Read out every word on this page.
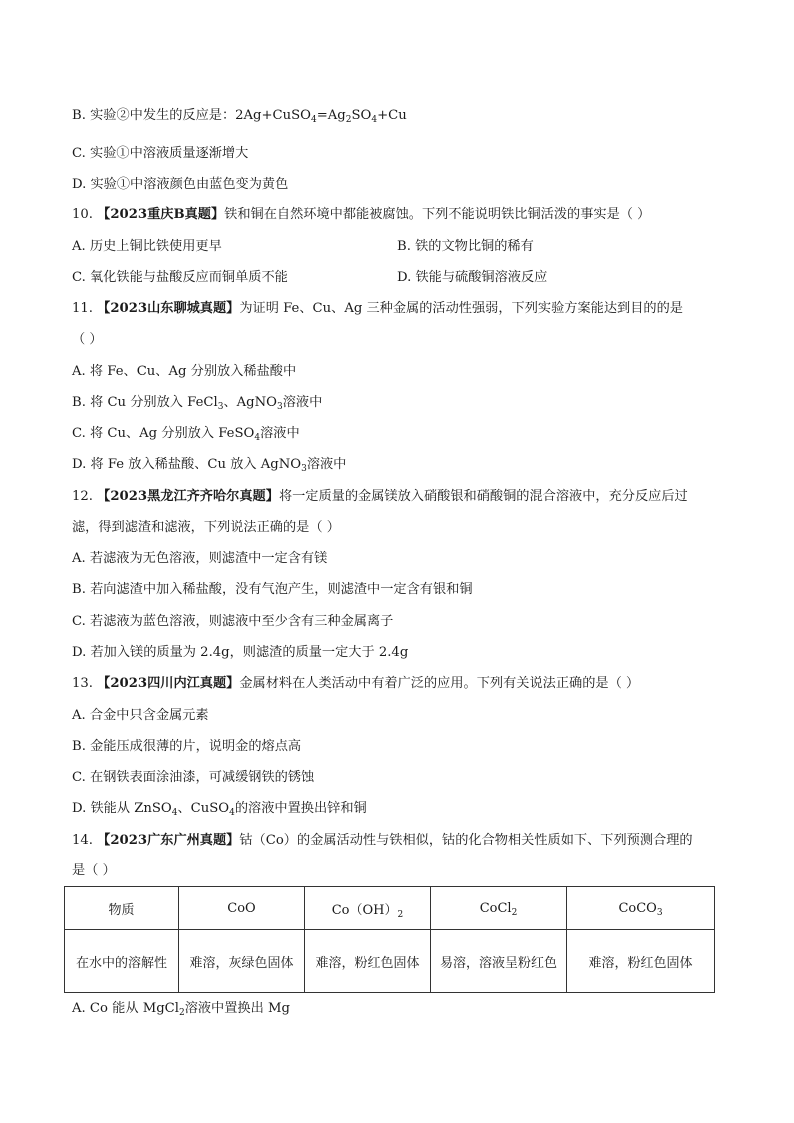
B. 实验②中发生的反应是：$2Ag+CuSO_4=Ag_2SO_4+Cu$
C. 实验①中溶液质量逐渐增大
D. 实验①中溶液颜色由蓝色变为黄色
10. 【2023重庆B真题】铁和铜在自然环境中都能被腐蚀。下列不能说明铁比铜活泼的事实是（ ）
A. 历史上铜比铁使用更早	B. 铁的文物比铜的稀有
C. 氧化铁能与盐酸反应而铜单质不能	D. 铁能与硫酸铜溶液反应
11. 【2023山东聊城真题】为证明 Fe、Cu、Ag 三种金属的活动性强弱，下列实验方案能达到目的的是
（ ）
A. 将 Fe、Cu、Ag 分别放入稀盐酸中
B. 将 Cu 分别放入 FeCl$_3$、AgNO$_3$溶液中
C. 将 Cu、Ag 分别放入 FeSO$_4$溶液中
D. 将 Fe 放入稀盐酸、Cu 放入 AgNO$_3$溶液中
12. 【2023黑龙江齐齐哈尔真题】将一定质量的金属镁放入硝酸银和硝酸铜的混合溶液中，充分反应后过
滤，得到滤渣和滤液，下列说法正确的是（ ）
A. 若滤液为无色溶液，则滤渣中一定含有镁
B. 若向滤渣中加入稀盐酸，没有气泡产生，则滤渣中一定含有银和铜
C. 若滤液为蓝色溶液，则滤液中至少含有三种金属离子
D. 若加入镁的质量为 2.4g，则滤渣的质量一定大于 2.4g
13. 【2023四川内江真题】金属材料在人类活动中有着广泛的应用。下列有关说法正确的是（ ）
A. 合金中只含金属元素
B. 金能压成很薄的片，说明金的熔点高
C. 在钢铁表面涂油漆，可减缓钢铁的锈蚀
D. 铁能从 ZnSO$_4$、CuSO$_4$的溶液中置换出锌和铜
14. 【2023广东广州真题】钴（Co）的金属活动性与铁相似，钴的化合物相关性质如下、下列预测合理的
是（ ）
物质	CoO	$Co(OH)_2$	CoCl$_2$	CoCO$_3$
在水中的溶解性	难溶，灰绿色固体	难溶，粉红色固体	易溶，溶液呈粉红色	难溶，粉红色固体
A. Co 能从 MgCl$_2$溶液中置换出 Mg
